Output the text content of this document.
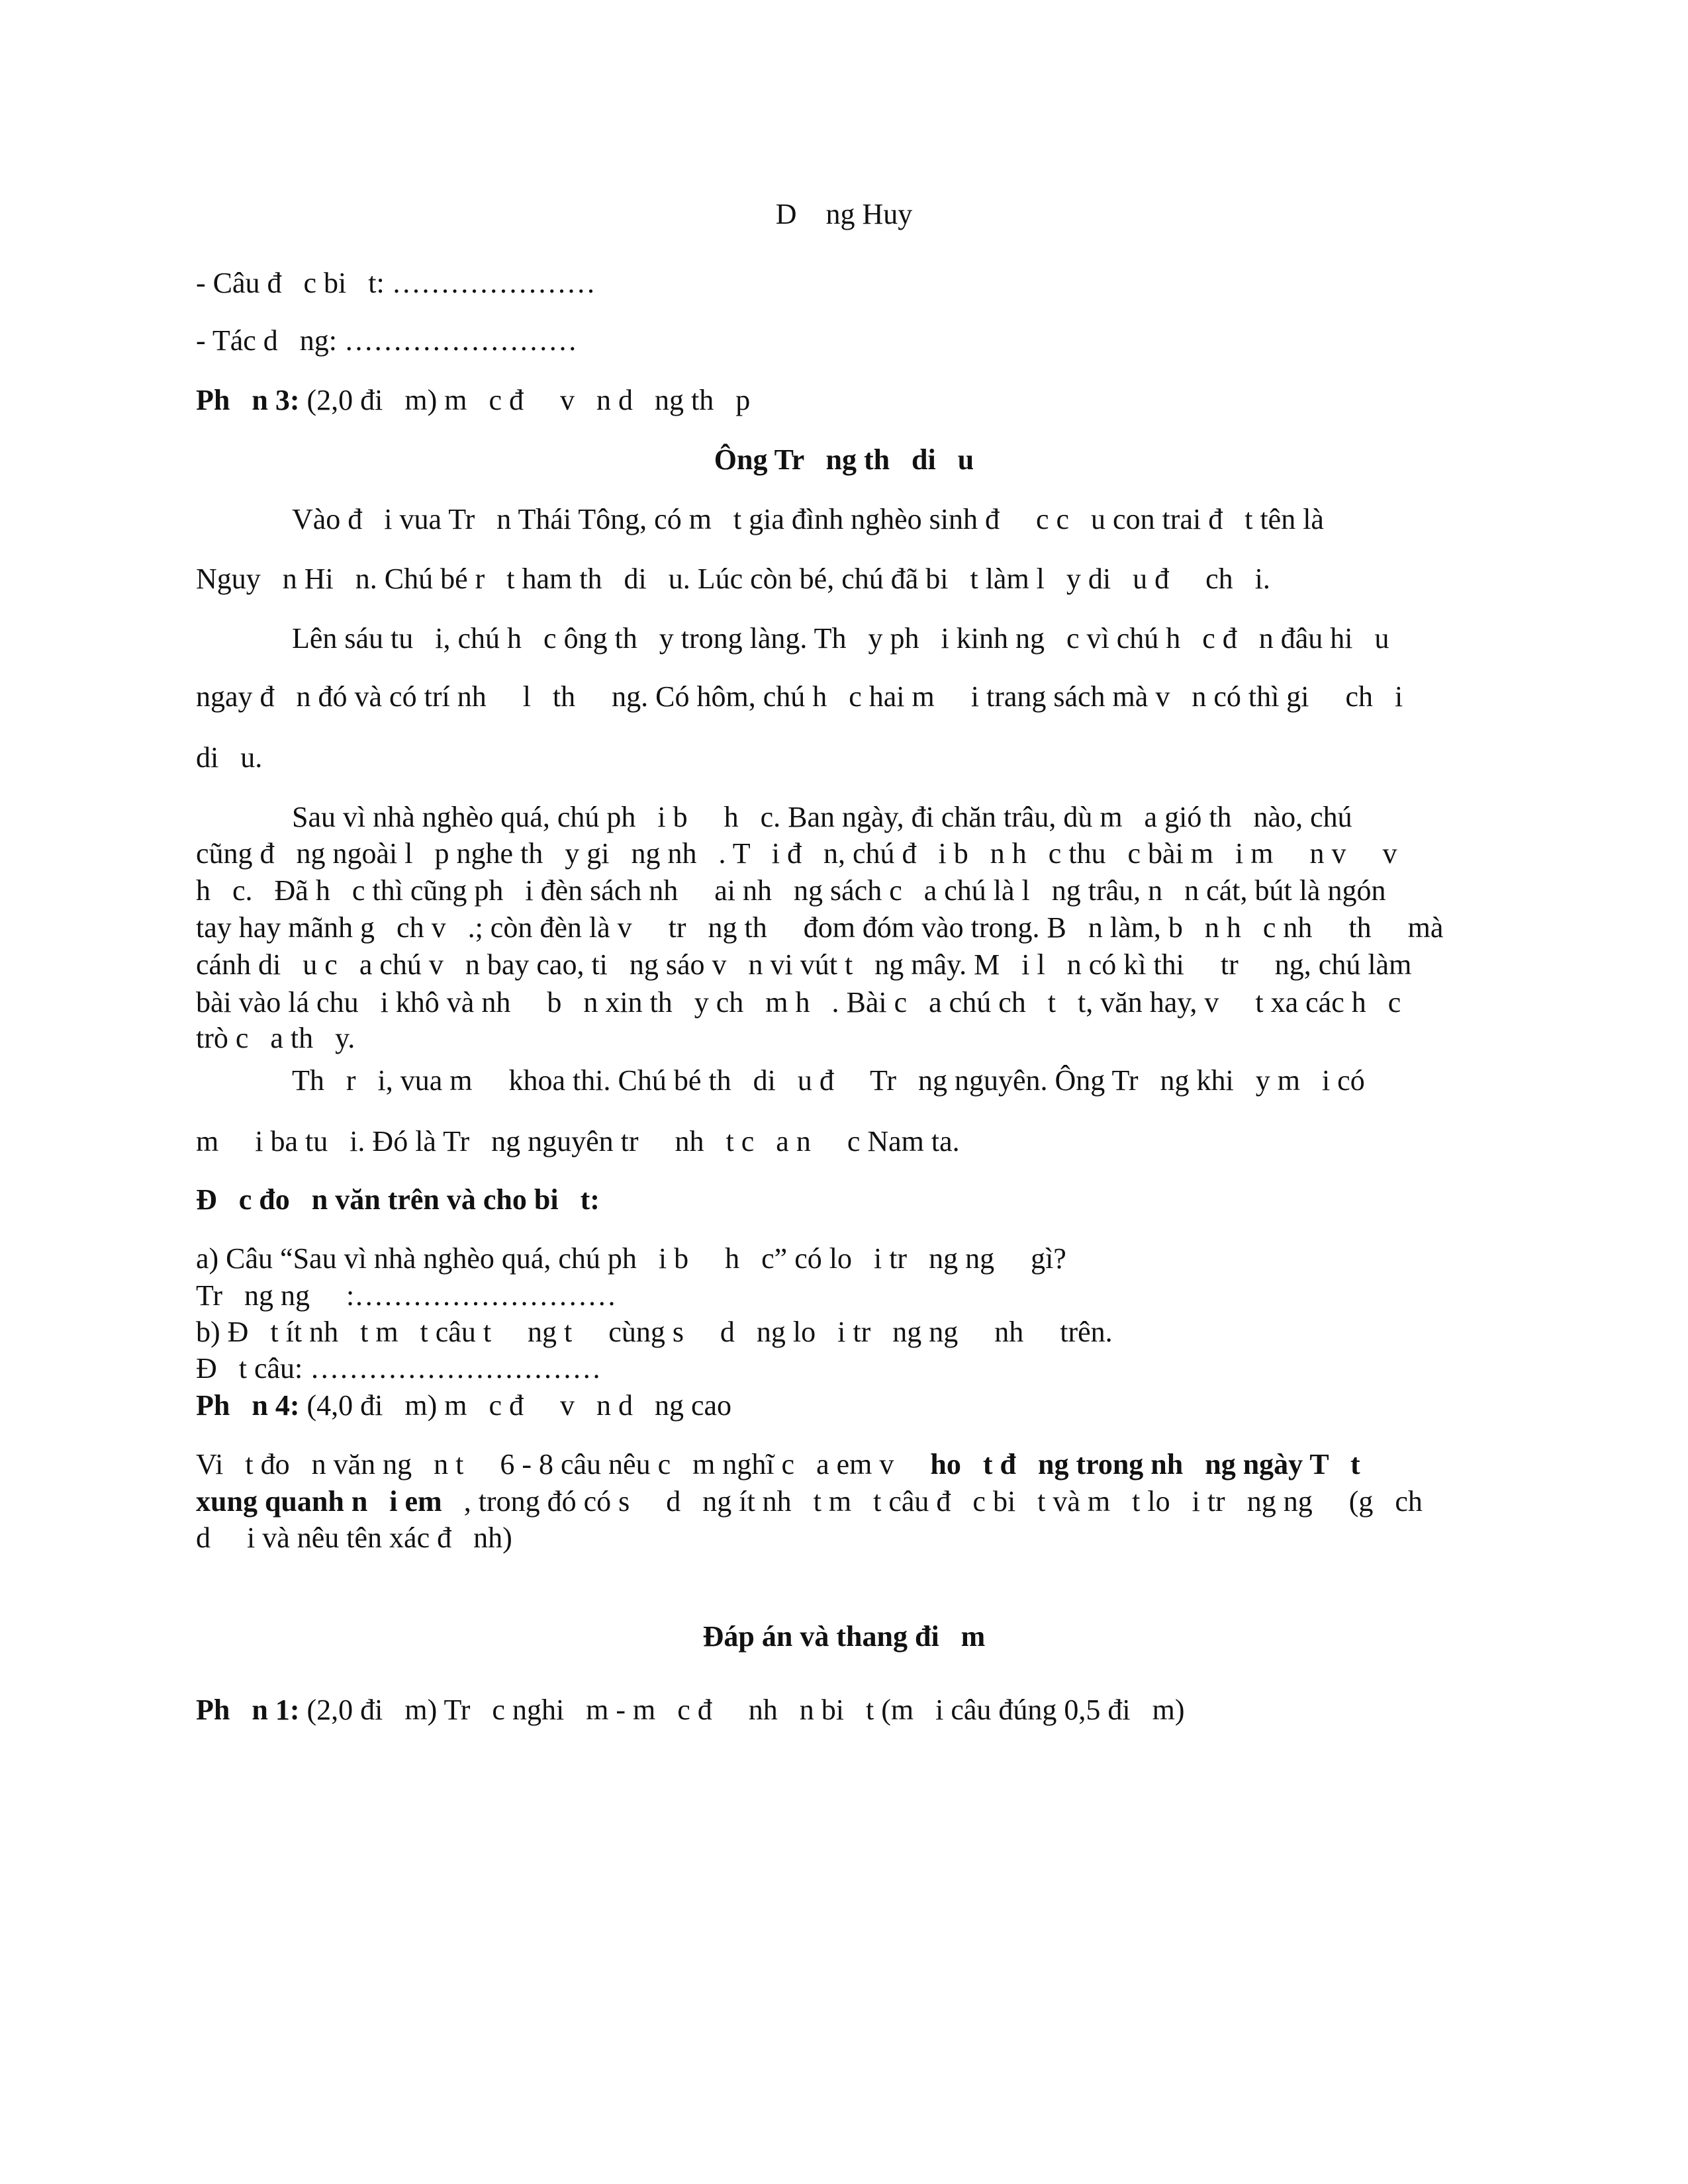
D    ng Huy
- Câu đ   c bi   t: …………………
- Tác d   ng: ……………………
Ph   n 3: (2,0 đi   m) m   c đ     v   n d   ng th   p
Ông Tr   ng th   di   u
Vào đ   i vua Tr   n Thái Tông, có m   t gia đình nghèo sinh đ     c c   u con trai đ   t tên là
Nguy   n Hi   n. Chú bé r   t ham th   di   u. Lúc còn bé, chú đã bi   t làm l   y di   u đ     ch   i.
Lên sáu tu   i, chú h   c ông th   y trong làng. Th   y ph   i kinh ng   c vì chú h   c đ   n đâu hi   u
ngay đ   n đó và có trí nh     l   th     ng. Có hôm, chú h   c hai m     i trang sách mà v   n có thì gi     ch   i
di   u.
Sau vì nhà nghèo quá, chú ph   i b     h   c. Ban ngày, đi chăn trâu, dù m   a gió th   nào, chú
cũng đ   ng ngoài l   p nghe th   y gi   ng nh   . T   i đ   n, chú đ   i b   n h   c thu   c bài m   i m     n v     v
h   c.   Đã h   c thì cũng ph   i đèn sách nh     ai nh   ng sách c   a chú là l   ng trâu, n   n cát, bút là ngón
tay hay mãnh g   ch v   .; còn đèn là v     tr   ng th     đom đóm vào trong. B   n làm, b   n h   c nh     th     mà
cánh di   u c   a chú v   n bay cao, ti   ng sáo v   n vi vút t   ng mây. M   i l   n có kì thi     tr     ng, chú làm
bài vào lá chu   i khô và nh     b   n xin th   y ch   m h   . Bài c   a chú ch   t   t, văn hay, v     t xa các h   c
trò c   a th   y.
Th   r   i, vua m     khoa thi. Chú bé th   di   u đ     Tr   ng nguyên. Ông Tr   ng khi   y m   i có
m     i ba tu   i. Đó là Tr   ng nguyên tr     nh   t c   a n     c Nam ta.
Đ   c đo   n văn trên và cho bi   t:
a) Câu “Sau vì nhà nghèo quá, chú ph   i b     h   c” có lo   i tr   ng ng     gì?
Tr   ng ng     :………………………
b) Đ   t ít nh   t m   t câu t     ng t     cùng s     d   ng lo   i tr   ng ng     nh     trên.
Đ   t câu: …………………………
Ph   n 4: (4,0 đi   m) m   c đ     v   n d   ng cao
Vi   t đo   n văn ng   n t     6 - 8 câu nêu c   m nghĩ c   a em v     ho   t đ   ng trong nh   ng ngày T   t
xung quanh n   i em   , trong đó có s     d   ng ít nh   t m   t câu đ   c bi   t và m   t lo   i tr   ng ng     (g   ch
d     i và nêu tên xác đ   nh)
Đáp án và thang đi   m
Ph   n 1: (2,0 đi   m) Tr   c nghi   m - m   c đ     nh   n bi   t (m   i câu đúng 0,5 đi   m)
